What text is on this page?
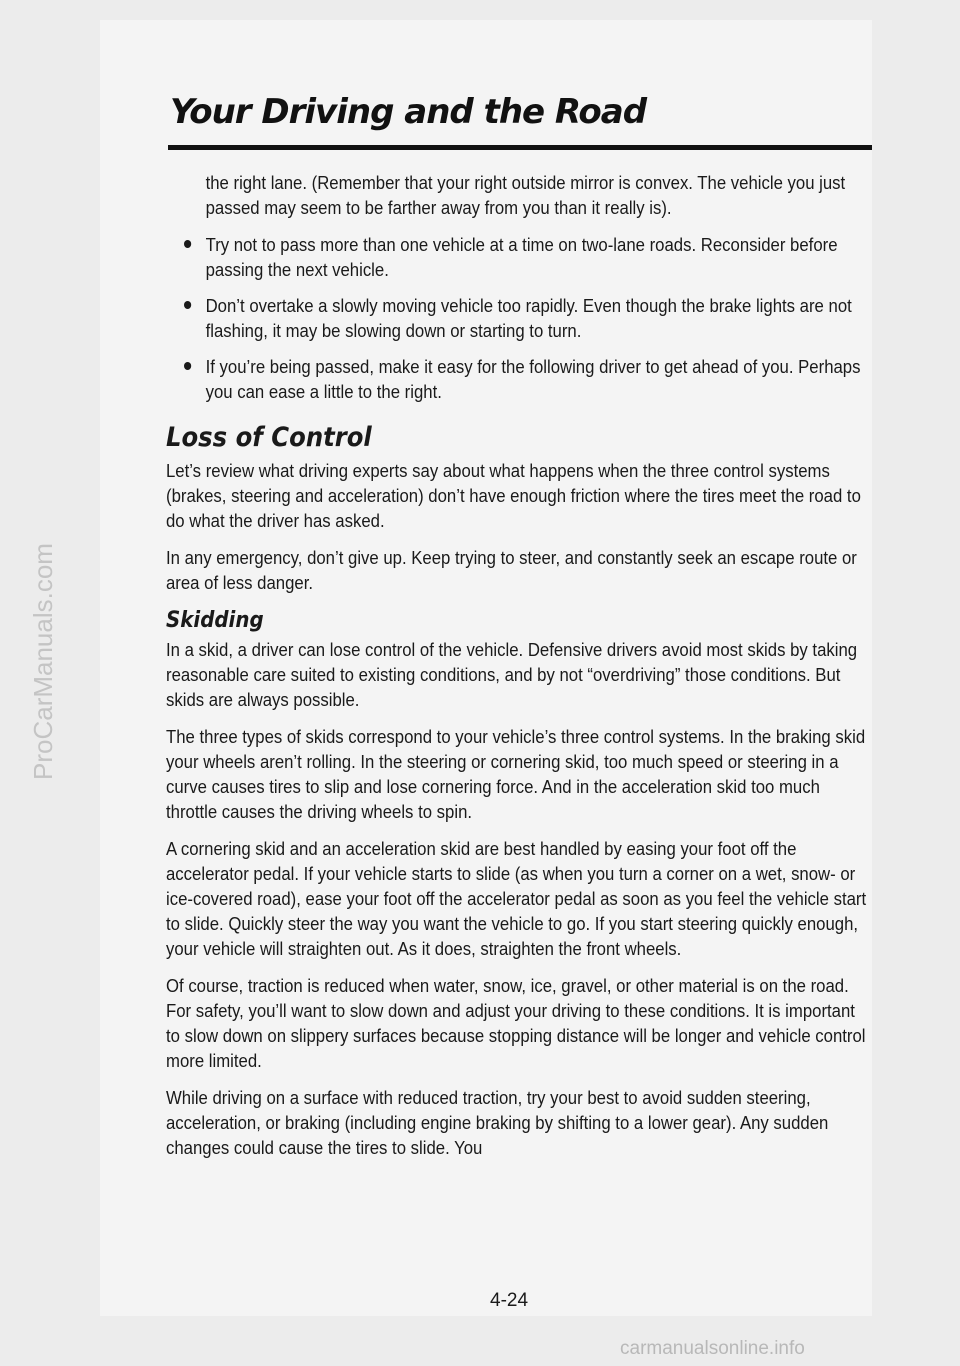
Your Driving and the Road

the right lane. (Remember that your right outside mirror is convex. The vehicle you just passed may seem to be farther away from you than it really is).

Try not to pass more than one vehicle at a time on two-lane roads. Reconsider before passing the next vehicle.
Don’t overtake a slowly moving vehicle too rapidly. Even though the brake lights are not flashing, it may be slowing down or starting to turn.
If you’re being passed, make it easy for the following driver to get ahead of you. Perhaps you can ease a little to the right.
Loss of Control

Let’s review what driving experts say about what happens when the three control systems (brakes, steering and acceleration) don’t have enough friction where the tires meet the road to do what the driver has asked.

In any emergency, don’t give up. Keep trying to steer, and constantly seek an escape route or area of less danger.

Skidding

In a skid, a driver can lose control of the vehicle. Defensive drivers avoid most skids by taking reasonable care suited to existing conditions, and by not “overdriving” those conditions. But skids are always possible.

The three types of skids correspond to your vehicle’s three control systems. In the braking skid your wheels aren’t rolling. In the steering or cornering skid, too much speed or steering in a curve causes tires to slip and lose cornering force. And in the acceleration skid too much throttle causes the driving wheels to spin.

A cornering skid and an acceleration skid are best handled by easing your foot off the accelerator pedal. If your vehicle starts to slide (as when you turn a corner on a wet, snow- or ice-covered road), ease your foot off the accelerator pedal as soon as you feel the vehicle start to slide. Quickly steer the way you want the vehicle to go. If you start steering quickly enough, your vehicle will straighten out. As it does, straighten the front wheels.

Of course, traction is reduced when water, snow, ice, gravel, or other material is on the road. For safety, you’ll want to slow down and adjust your driving to these conditions. It is important to slow down on slippery surfaces because stopping distance will be longer and vehicle control more limited.

While driving on a surface with reduced traction, try your best to avoid sudden steering, acceleration, or braking (including engine braking by shifting to a lower gear). Any sudden changes could cause the tires to slide. You

4-24
ProCarManuals.com
carmanualsonline.info
